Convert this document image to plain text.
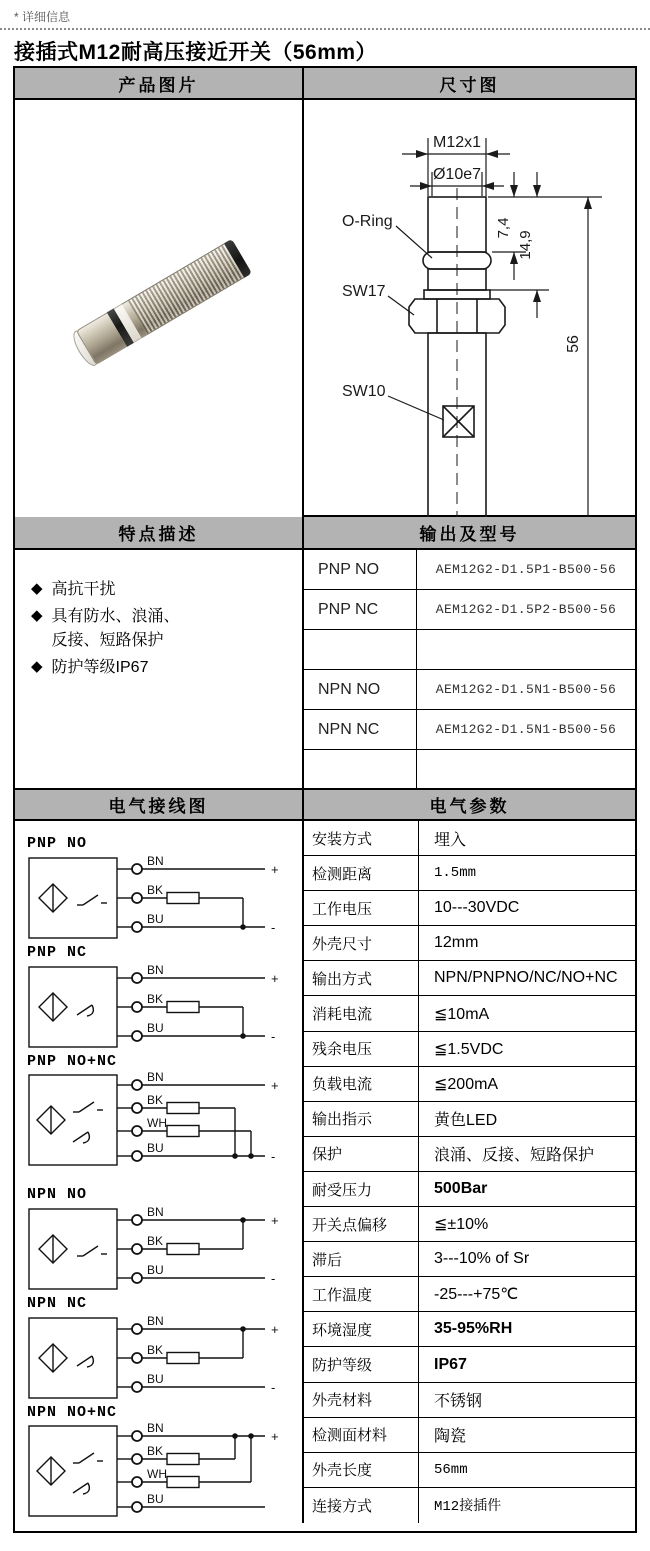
* 详细信息
接插式M12耐高压接近开关（56mm）
产品图片	尺寸图
M12x1
Ø10e7
O-Ring
SW17
SW10
7,4
14,9
56
特点描述	输出及型号
◆ 高抗干扰
◆ 具有防水、浪涌、反接、短路保护
◆ 防护等级IP67
PNP NO	AEM12G2-D1.5P1-B500-56
PNP NC	AEM12G2-D1.5P2-B500-56
NPN NO	AEM12G2-D1.5N1-B500-56
NPN NC	AEM12G2-D1.5N1-B500-56
电气接线图	电气参数
PNP NO
BN
BK
BU
+
-
PNP NC
BN
BK
BU
+
-
PNP NO+NC
BN
BK
WH
BU
+
-
NPN NO
BN
BK
BU
+
-
NPN NC
BN
BK
BU
+
-
NPN NO+NC
BN
BK
WH
BU
+
安装方式	埋入
检测距离	1.5mm
工作电压	10---30VDC
外壳尺寸	12mm
输出方式	NPN/PNPNO/NC/NO+NC
消耗电流	≦10mA
残余电压	≦1.5VDC
负载电流	≦200mA
输出指示	黄色LED
保护	浪涌、反接、短路保护
耐受压力	500Bar
开关点偏移	≦±10%
滞后	3---10% of Sr
工作温度	-25---+75℃
环境湿度	35-95%RH
防护等级	IP67
外壳材料	不锈钢
检测面材料	陶瓷
外壳长度	56mm
连接方式	M12接插件
